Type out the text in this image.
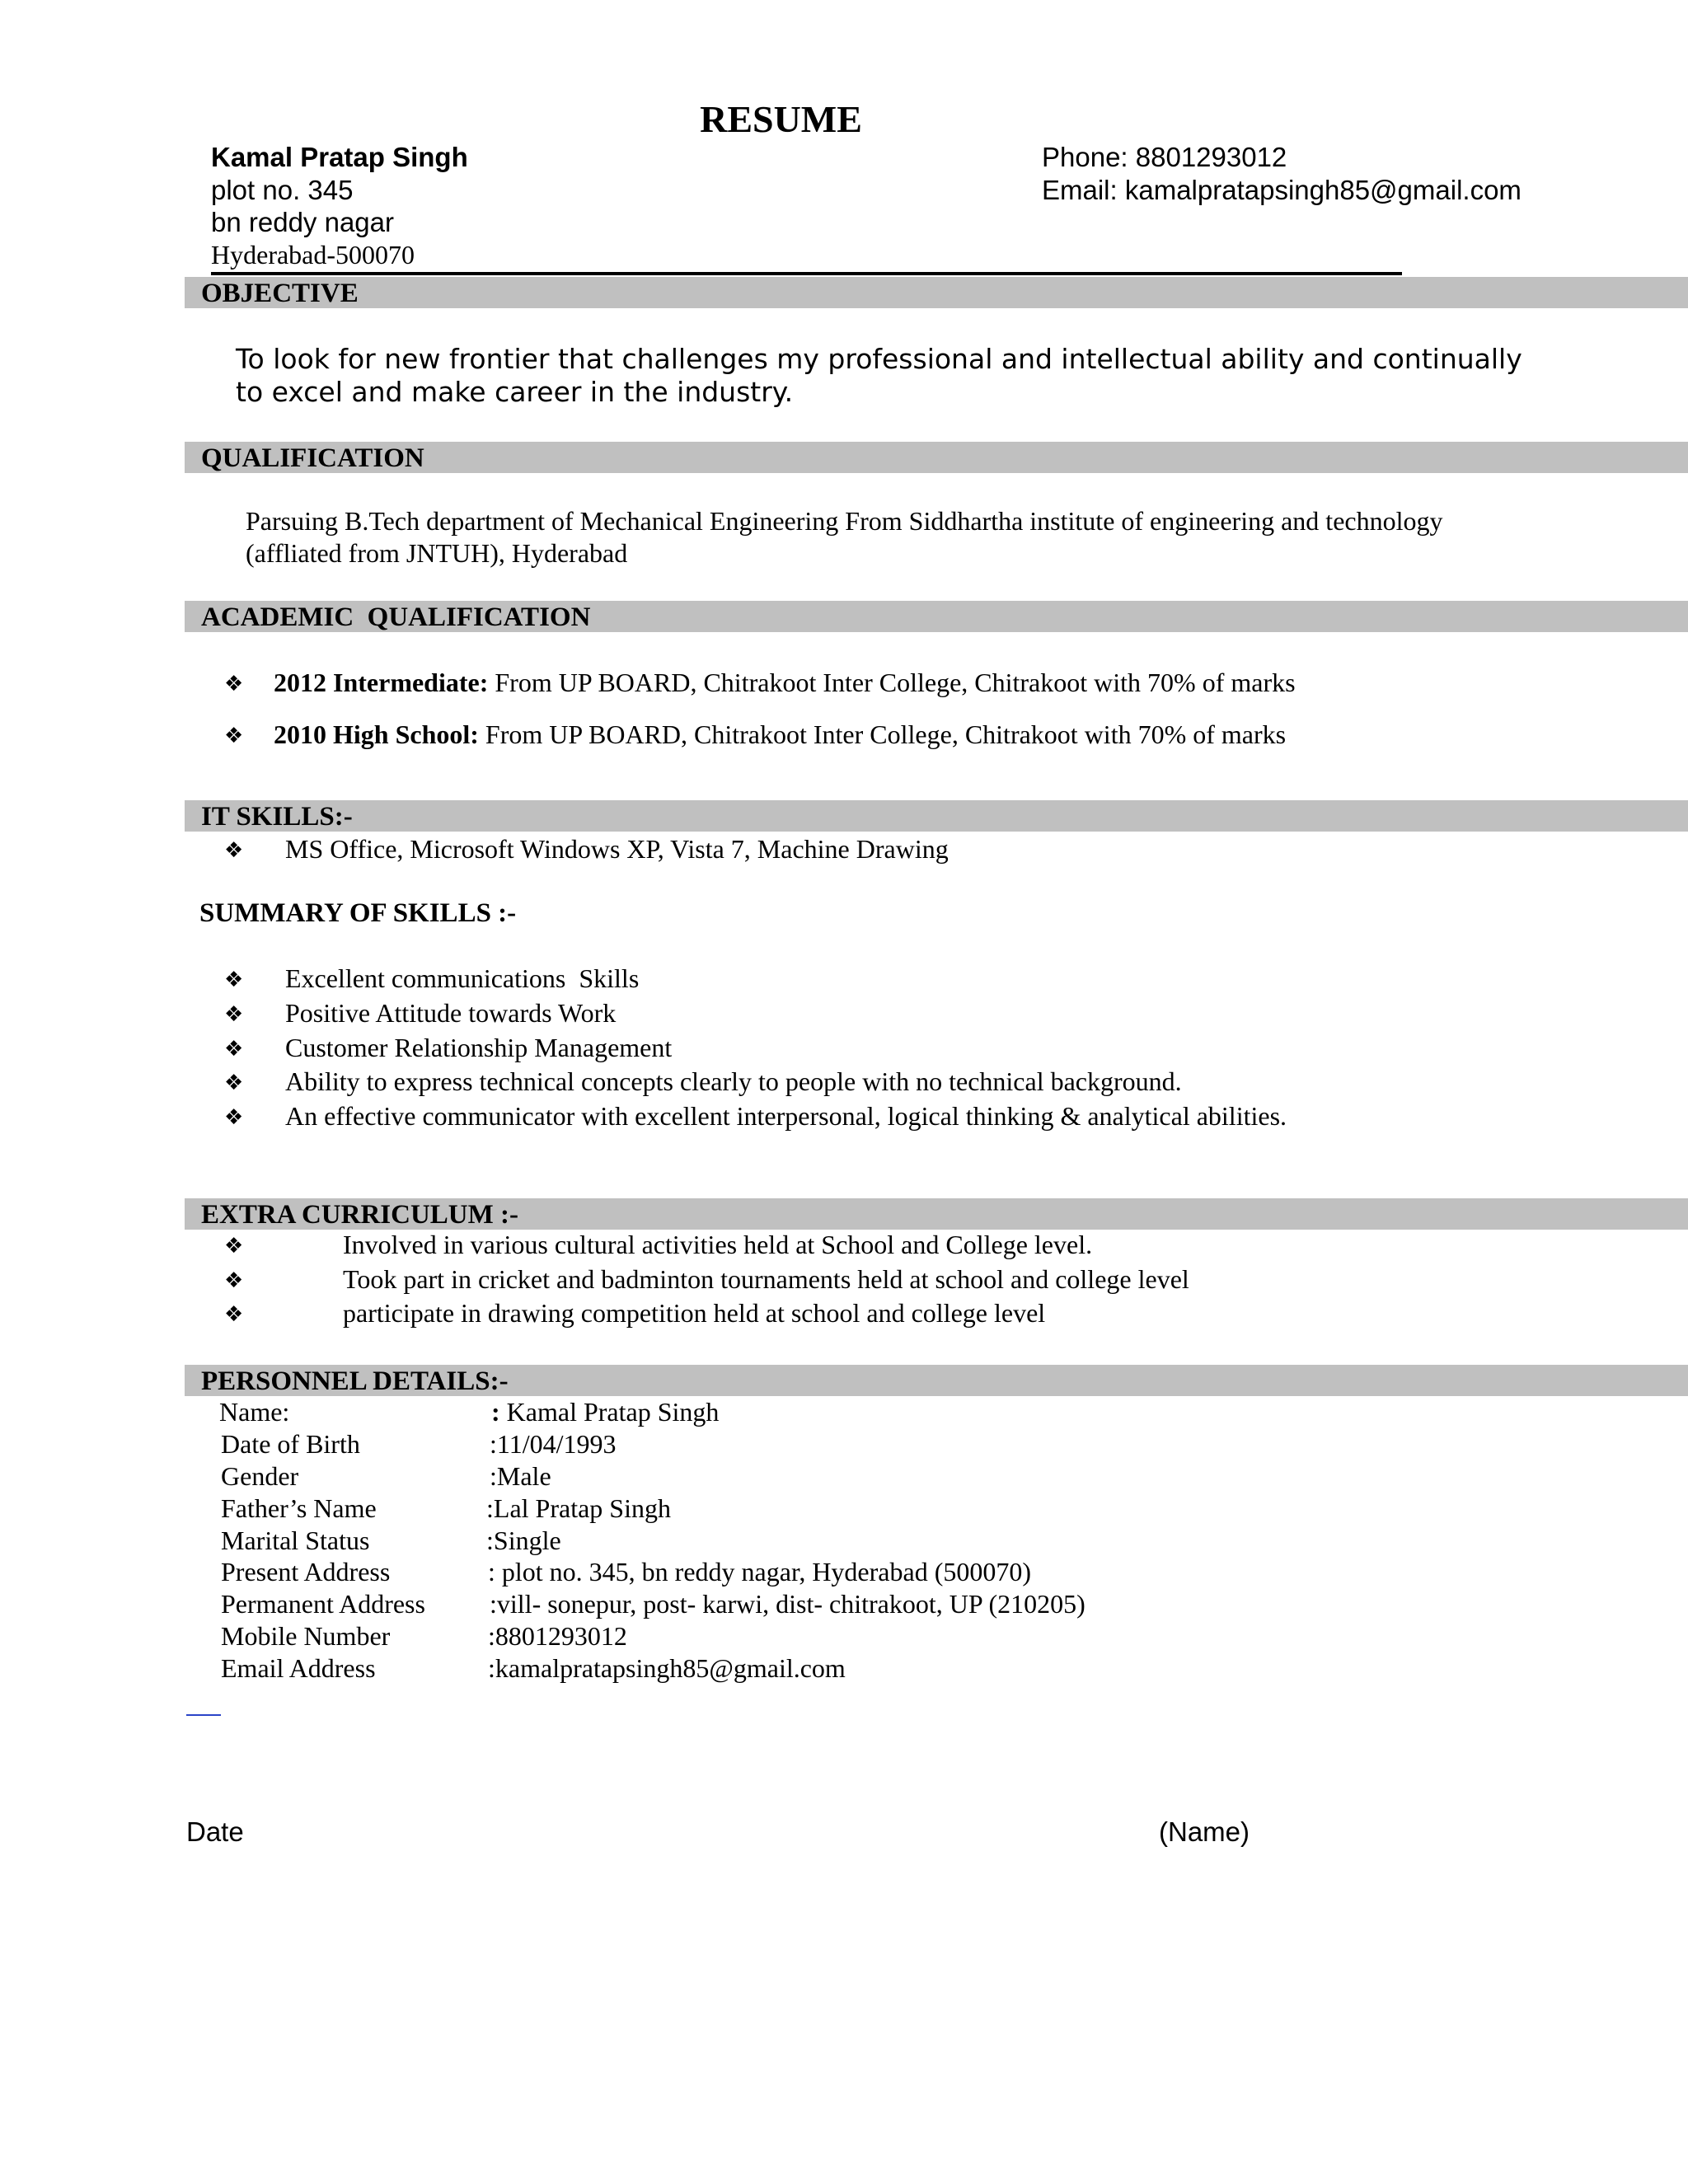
RESUME
Kamal Pratap Singh
plot no. 345
bn reddy nagar
Hyderabad-500070
Phone: 8801293012
Email: kamalpratapsingh85@gmail.com
OBJECTIVE
To look for new frontier that challenges my professional and intellectual ability and continually
to excel and make career in the industry.
QUALIFICATION
Parsuing B.Tech department of Mechanical Engineering From Siddhartha institute of engineering and technology
(affliated from JNTUH), Hyderabad
ACADEMIC  QUALIFICATION
❖ 2012 Intermediate: From UP BOARD, Chitrakoot Inter College, Chitrakoot with 70% of marks
❖ 2010 High School: From UP BOARD, Chitrakoot Inter College, Chitrakoot with 70% of marks
IT SKILLS:-
❖ MS Office, Microsoft Windows XP, Vista 7, Machine Drawing
SUMMARY OF SKILLS :-
❖ Excellent communications  Skills
❖ Positive Attitude towards Work
❖ Customer Relationship Management
❖ Ability to express technical concepts clearly to people with no technical background.
❖ An effective communicator with excellent interpersonal, logical thinking & analytical abilities.
EXTRA CURRICULUM :-
❖	Involved in various cultural activities held at School and College level.
❖	Took part in cricket and badminton tournaments held at school and college level
❖	participate in drawing competition held at school and college level
PERSONNEL DETAILS:-
Name:	: Kamal Pratap Singh
Date of Birth	:11/04/1993
Gender	:Male
Father’s Name	:Lal Pratap Singh
Marital Status	:Single
Present Address	: plot no. 345, bn reddy nagar, Hyderabad (500070)
Permanent Address :vill- sonepur, post- karwi, dist- chitrakoot, UP (210205)
Mobile Number	:8801293012
Email Address	:kamalpratapsingh85@gmail.com
Date	(Name)
